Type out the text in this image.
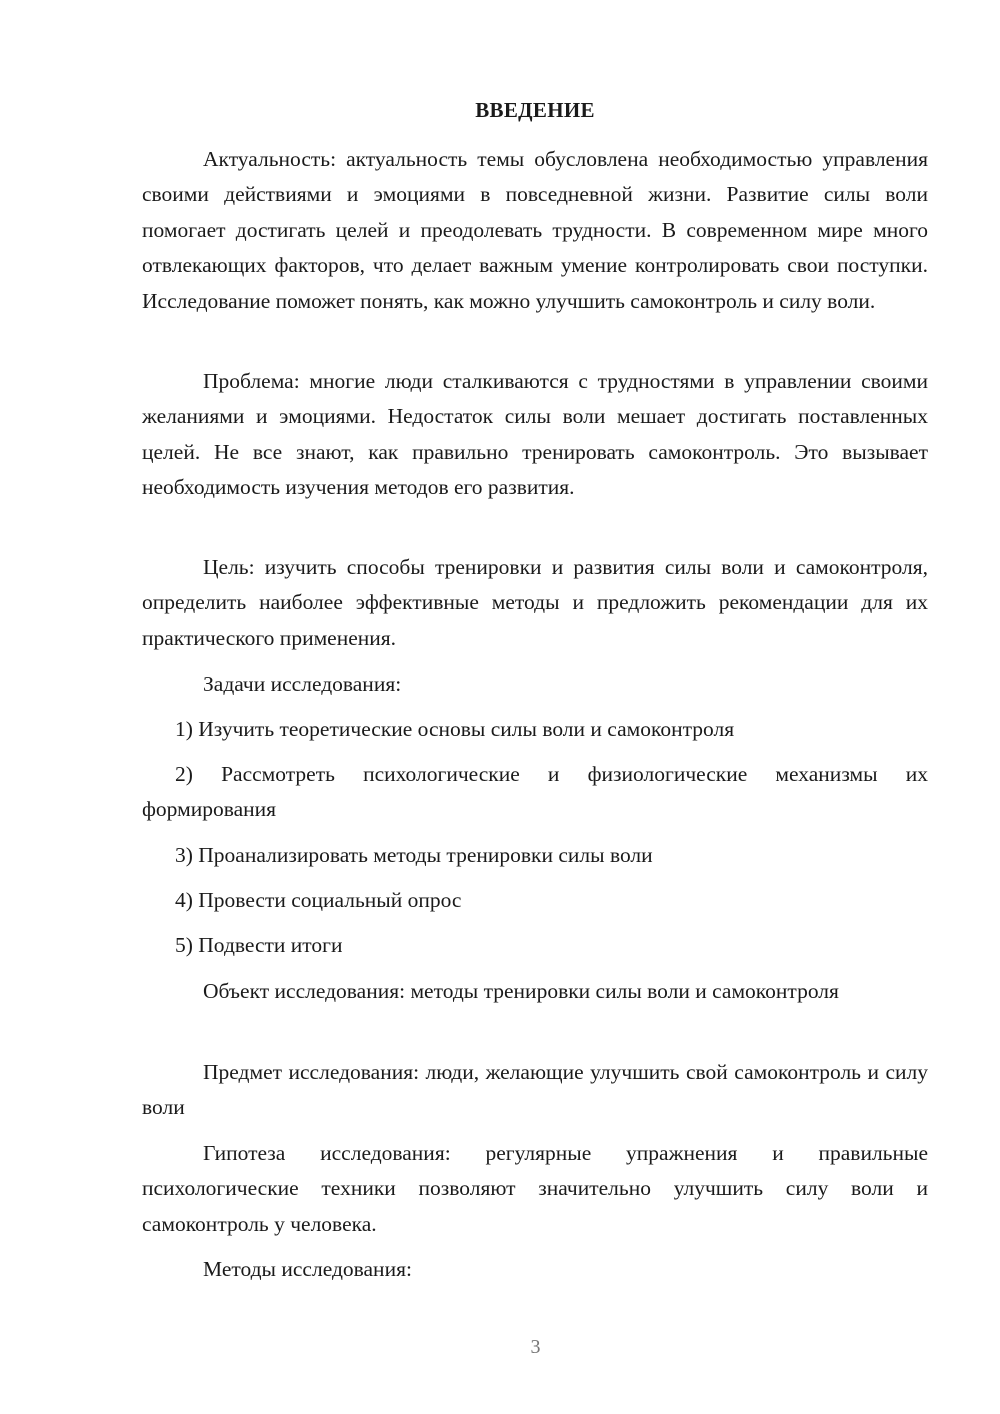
ВВЕДЕНИЕ

Актуальность: актуальность темы обусловлена необходимостью управления своими действиями и эмоциями в повседневной жизни. Развитие силы воли помогает достигать целей и преодолевать трудности. В современном мире много отвлекающих факторов, что делает важным умение контролировать свои поступки. Исследование поможет понять, как можно улучшить самоконтроль и силу воли.

Проблема: многие люди сталкиваются с трудностями в управлении своими желаниями и эмоциями. Недостаток силы воли мешает достигать поставленных целей. Не все знают, как правильно тренировать самоконтроль. Это вызывает необходимость изучения методов его развития.

Цель: изучить способы тренировки и развития силы воли и самоконтроля, определить наиболее эффективные методы и предложить рекомендации для их практического применения.

Задачи исследования:

1) Изучить теоретические основы силы воли и самоконтроля

2) Рассмотреть психологические и физиологические механизмы их формирования

3) Проанализировать методы тренировки силы воли

4) Провести социальный опрос

5) Подвести итоги

Объект исследования: методы тренировки силы воли и самоконтроля

Предмет исследования: люди, желающие улучшить свой самоконтроль и силу воли

Гипотеза исследования: регулярные упражнения и правильные психологические техники позволяют значительно улучшить силу воли и самоконтроль у человека.

Методы исследования:

3
